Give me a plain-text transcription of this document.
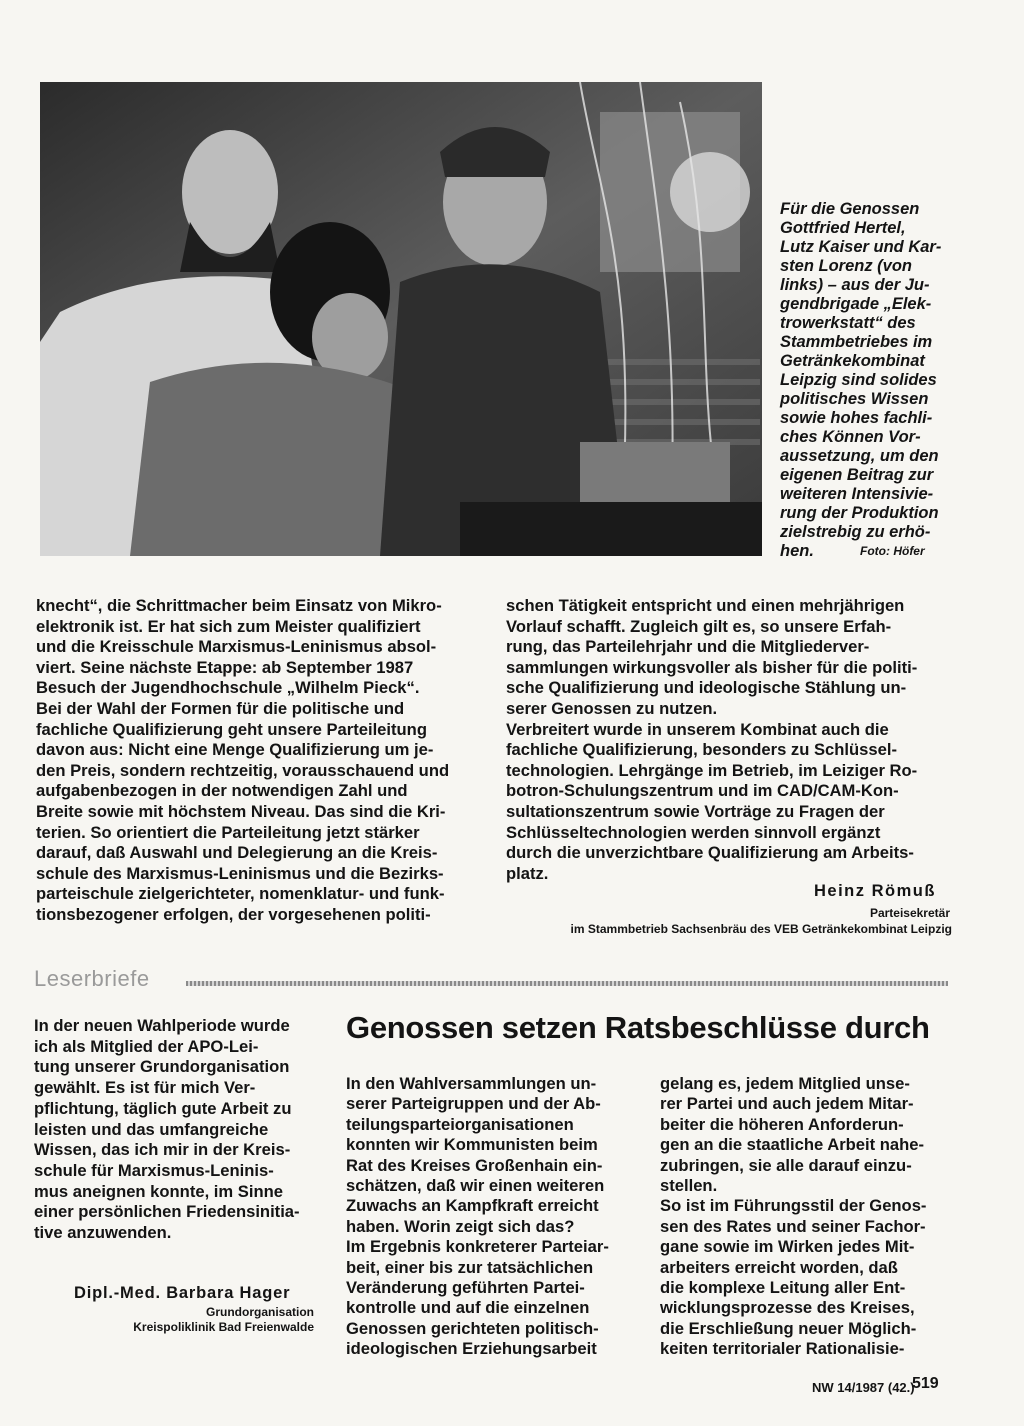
Für die Genossen
Gottfried Hertel,
Lutz Kaiser und Kar-
sten Lorenz (von
links) – aus der Ju-
gendbrigade „Elek-
trowerkstatt“ des
Stammbetriebes im
Getränkekombinat
Leipzig sind solides
politisches Wissen
sowie hohes fachli-
ches Können Vor-
aussetzung, um den
eigenen Beitrag zur
weiteren Intensivie-
rung der Produktion
zielstrebig zu erhö-
hen.	Foto: Höfer
knecht“, die Schrittmacher beim Einsatz von Mikro-
elektronik ist. Er hat sich zum Meister qualifiziert
und die Kreisschule Marxismus-Leninismus absol-
viert. Seine nächste Etappe: ab September 1987
Besuch der Jugendhochschule „Wilhelm Pieck“.
Bei der Wahl der Formen für die politische und
fachliche Qualifizierung geht unsere Parteileitung
davon aus: Nicht eine Menge Qualifizierung um je-
den Preis, sondern rechtzeitig, vorausschauend und
aufgabenbezogen in der notwendigen Zahl und
Breite sowie mit höchstem Niveau. Das sind die Kri-
terien. So orientiert die Parteileitung jetzt stärker
darauf, daß Auswahl und Delegierung an die Kreis-
schule des Marxismus-Leninismus und die Bezirks-
parteischule zielgerichteter, nomenklatur- und funk-
tionsbezogener erfolgen, der vorgesehenen politi-
schen Tätigkeit entspricht und einen mehrjährigen
Vorlauf schafft. Zugleich gilt es, so unsere Erfah-
rung, das Parteilehrjahr und die Mitgliederver-
sammlungen wirkungsvoller als bisher für die politi-
sche Qualifizierung und ideologische Stählung un-
serer Genossen zu nutzen.
Verbreitert wurde in unserem Kombinat auch die
fachliche Qualifizierung, besonders zu Schlüssel-
technologien. Lehrgänge im Betrieb, im Leiziger Ro-
botron-Schulungszentrum und im CAD/CAM-Kon-
sultationszentrum sowie Vorträge zu Fragen der
Schlüsseltechnologien werden sinnvoll ergänzt
durch die unverzichtbare Qualifizierung am Arbeits-
platz.
Heinz Römuß
Parteisekretär
im Stammbetrieb Sachsenbräu des VEB Getränkekombinat Leipzig
Leserbriefe
In der neuen Wahlperiode wurde
ich als Mitglied der APO-Lei-
tung unserer Grundorganisation
gewählt. Es ist für mich Ver-
pflichtung, täglich gute Arbeit zu
leisten und das umfangreiche
Wissen, das ich mir in der Kreis-
schule für Marxismus-Leninis-
mus aneignen konnte, im Sinne
einer persönlichen Friedensinitia-
tive anzuwenden.
Dipl.-Med. Barbara Hager
Grundorganisation
Kreispoliklinik Bad Freienwalde
Genossen setzen Ratsbeschlüsse durch
In den Wahlversammlungen un-
serer Parteigruppen und der Ab-
teilungsparteiorganisationen
konnten wir Kommunisten beim
Rat des Kreises Großenhain ein-
schätzen, daß wir einen weiteren
Zuwachs an Kampfkraft erreicht
haben. Worin zeigt sich das?
Im Ergebnis konkreterer Parteiar-
beit, einer bis zur tatsächlichen
Veränderung geführten Partei-
kontrolle und auf die einzelnen
Genossen gerichteten politisch-
ideologischen Erziehungsarbeit
gelang es, jedem Mitglied unse-
rer Partei und auch jedem Mitar-
beiter die höheren Anforderun-
gen an die staatliche Arbeit nahe-
zubringen, sie alle darauf einzu-
stellen.
So ist im Führungsstil der Genos-
sen des Rates und seiner Fachor-
gane sowie im Wirken jedes Mit-
arbeiters erreicht worden, daß
die komplexe Leitung aller Ent-
wicklungsprozesse des Kreises,
die Erschließung neuer Möglich-
keiten territorialer Rationalisie-
NW 14/1987 (42.)
519
